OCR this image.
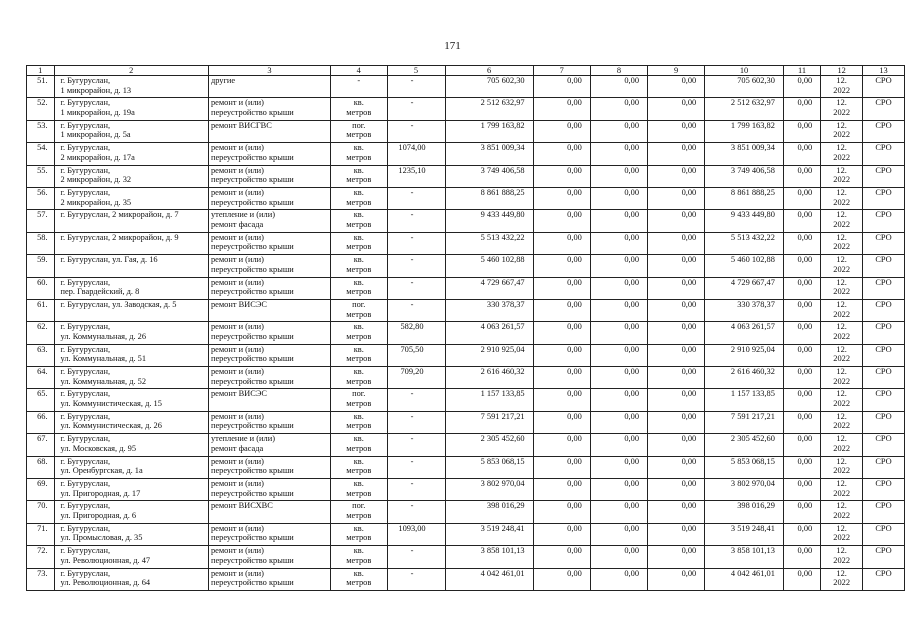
171
1	2	3	4	5	6	7	8	9	10	11	12	13
51.	г. Бугуруслан,
1 микрорайон, д. 13	другие	-	-	705 602,30	0,00	0,00	0,00	705 602,30	0,00	12.
2022	СРО
52.	г. Бугуруслан,
1 микрорайон, д. 19а	ремонт и (или)
переустройство крыши	кв.
метров	-	2 512 632,97	0,00	0,00	0,00	2 512 632,97	0,00	12.
2022	СРО
53.	г. Бугуруслан,
1 микрорайон, д. 5а	ремонт ВИСГВС	пог.
метров	-	1 799 163,82	0,00	0,00	0,00	1 799 163,82	0,00	12.
2022	СРО
54.	г. Бугуруслан,
2 микрорайон, д. 17а	ремонт и (или)
переустройство крыши	кв.
метров	1074,00	3 851 009,34	0,00	0,00	0,00	3 851 009,34	0,00	12.
2022	СРО
55.	г. Бугуруслан,
2 микрорайон, д. 32	ремонт и (или)
переустройство крыши	кв.
метров	1235,10	3 749 406,58	0,00	0,00	0,00	3 749 406,58	0,00	12.
2022	СРО
56.	г. Бугуруслан,
2 микрорайон, д. 35	ремонт и (или)
переустройство крыши	кв.
метров	-	8 861 888,25	0,00	0,00	0,00	8 861 888,25	0,00	12.
2022	СРО
57.	г. Бугуруслан, 2 микрорайон, д. 7	утепление и (или)
ремонт фасада	кв.
метров	-	9 433 449,80	0,00	0,00	0,00	9 433 449,80	0,00	12.
2022	СРО
58.	г. Бугуруслан, 2 микрорайон, д. 9	ремонт и (или)
переустройство крыши	кв.
метров	-	5 513 432,22	0,00	0,00	0,00	5 513 432,22	0,00	12.
2022	СРО
59.	г. Бугуруслан, ул. Гая, д. 16	ремонт и (или)
переустройство крыши	кв.
метров	-	5 460 102,88	0,00	0,00	0,00	5 460 102,88	0,00	12.
2022	СРО
60.	г. Бугуруслан,
пер. Гвардейский, д. 8	ремонт и (или)
переустройство крыши	кв.
метров	-	4 729 667,47	0,00	0,00	0,00	4 729 667,47	0,00	12.
2022	СРО
61.	г. Бугуруслан, ул. Заводская, д. 5	ремонт ВИСЭС	пог.
метров	-	330 378,37	0,00	0,00	0,00	330 378,37	0,00	12.
2022	СРО
62.	г. Бугуруслан,
ул. Коммунальная, д. 26	ремонт и (или)
переустройство крыши	кв.
метров	582,80	4 063 261,57	0,00	0,00	0,00	4 063 261,57	0,00	12.
2022	СРО
63.	г. Бугуруслан,
ул. Коммунальная, д. 51	ремонт и (или)
переустройство крыши	кв.
метров	705,50	2 910 925,04	0,00	0,00	0,00	2 910 925,04	0,00	12.
2022	СРО
64.	г. Бугуруслан,
ул. Коммунальная, д. 52	ремонт и (или)
переустройство крыши	кв.
метров	709,20	2 616 460,32	0,00	0,00	0,00	2 616 460,32	0,00	12.
2022	СРО
65.	г. Бугуруслан,
ул. Коммунистическая, д. 15	ремонт ВИСЭС	пог.
метров	-	1 157 133,85	0,00	0,00	0,00	1 157 133,85	0,00	12.
2022	СРО
66.	г. Бугуруслан,
ул. Коммунистическая, д. 26	ремонт и (или)
переустройство крыши	кв.
метров	-	7 591 217,21	0,00	0,00	0,00	7 591 217,21	0,00	12.
2022	СРО
67.	г. Бугуруслан,
ул. Московская, д. 95	утепление и (или)
ремонт фасада	кв.
метров	-	2 305 452,60	0,00	0,00	0,00	2 305 452,60	0,00	12.
2022	СРО
68.	г. Бугуруслан,
ул. Оренбургская, д. 1а	ремонт и (или)
переустройство крыши	кв.
метров	-	5 853 068,15	0,00	0,00	0,00	5 853 068,15	0,00	12.
2022	СРО
69.	г. Бугуруслан,
ул. Пригородная, д. 17	ремонт и (или)
переустройство крыши	кв.
метров	-	3 802 970,04	0,00	0,00	0,00	3 802 970,04	0,00	12.
2022	СРО
70.	г. Бугуруслан,
ул. Пригородная, д. 6	ремонт ВИСХВС	пог.
метров	-	398 016,29	0,00	0,00	0,00	398 016,29	0,00	12.
2022	СРО
71.	г. Бугуруслан,
ул. Промысловая, д. 35	ремонт и (или)
переустройство крыши	кв.
метров	1093,00	3 519 248,41	0,00	0,00	0,00	3 519 248,41	0,00	12.
2022	СРО
72.	г. Бугуруслан,
ул. Революционная, д. 47	ремонт и (или)
переустройство крыши	кв.
метров	-	3 858 101,13	0,00	0,00	0,00	3 858 101,13	0,00	12.
2022	СРО
73.	г. Бугуруслан,
ул. Революционная, д. 64	ремонт и (или)
переустройство крыши	кв.
метров	-	4 042 461,01	0,00	0,00	0,00	4 042 461,01	0,00	12.
2022	СРО
